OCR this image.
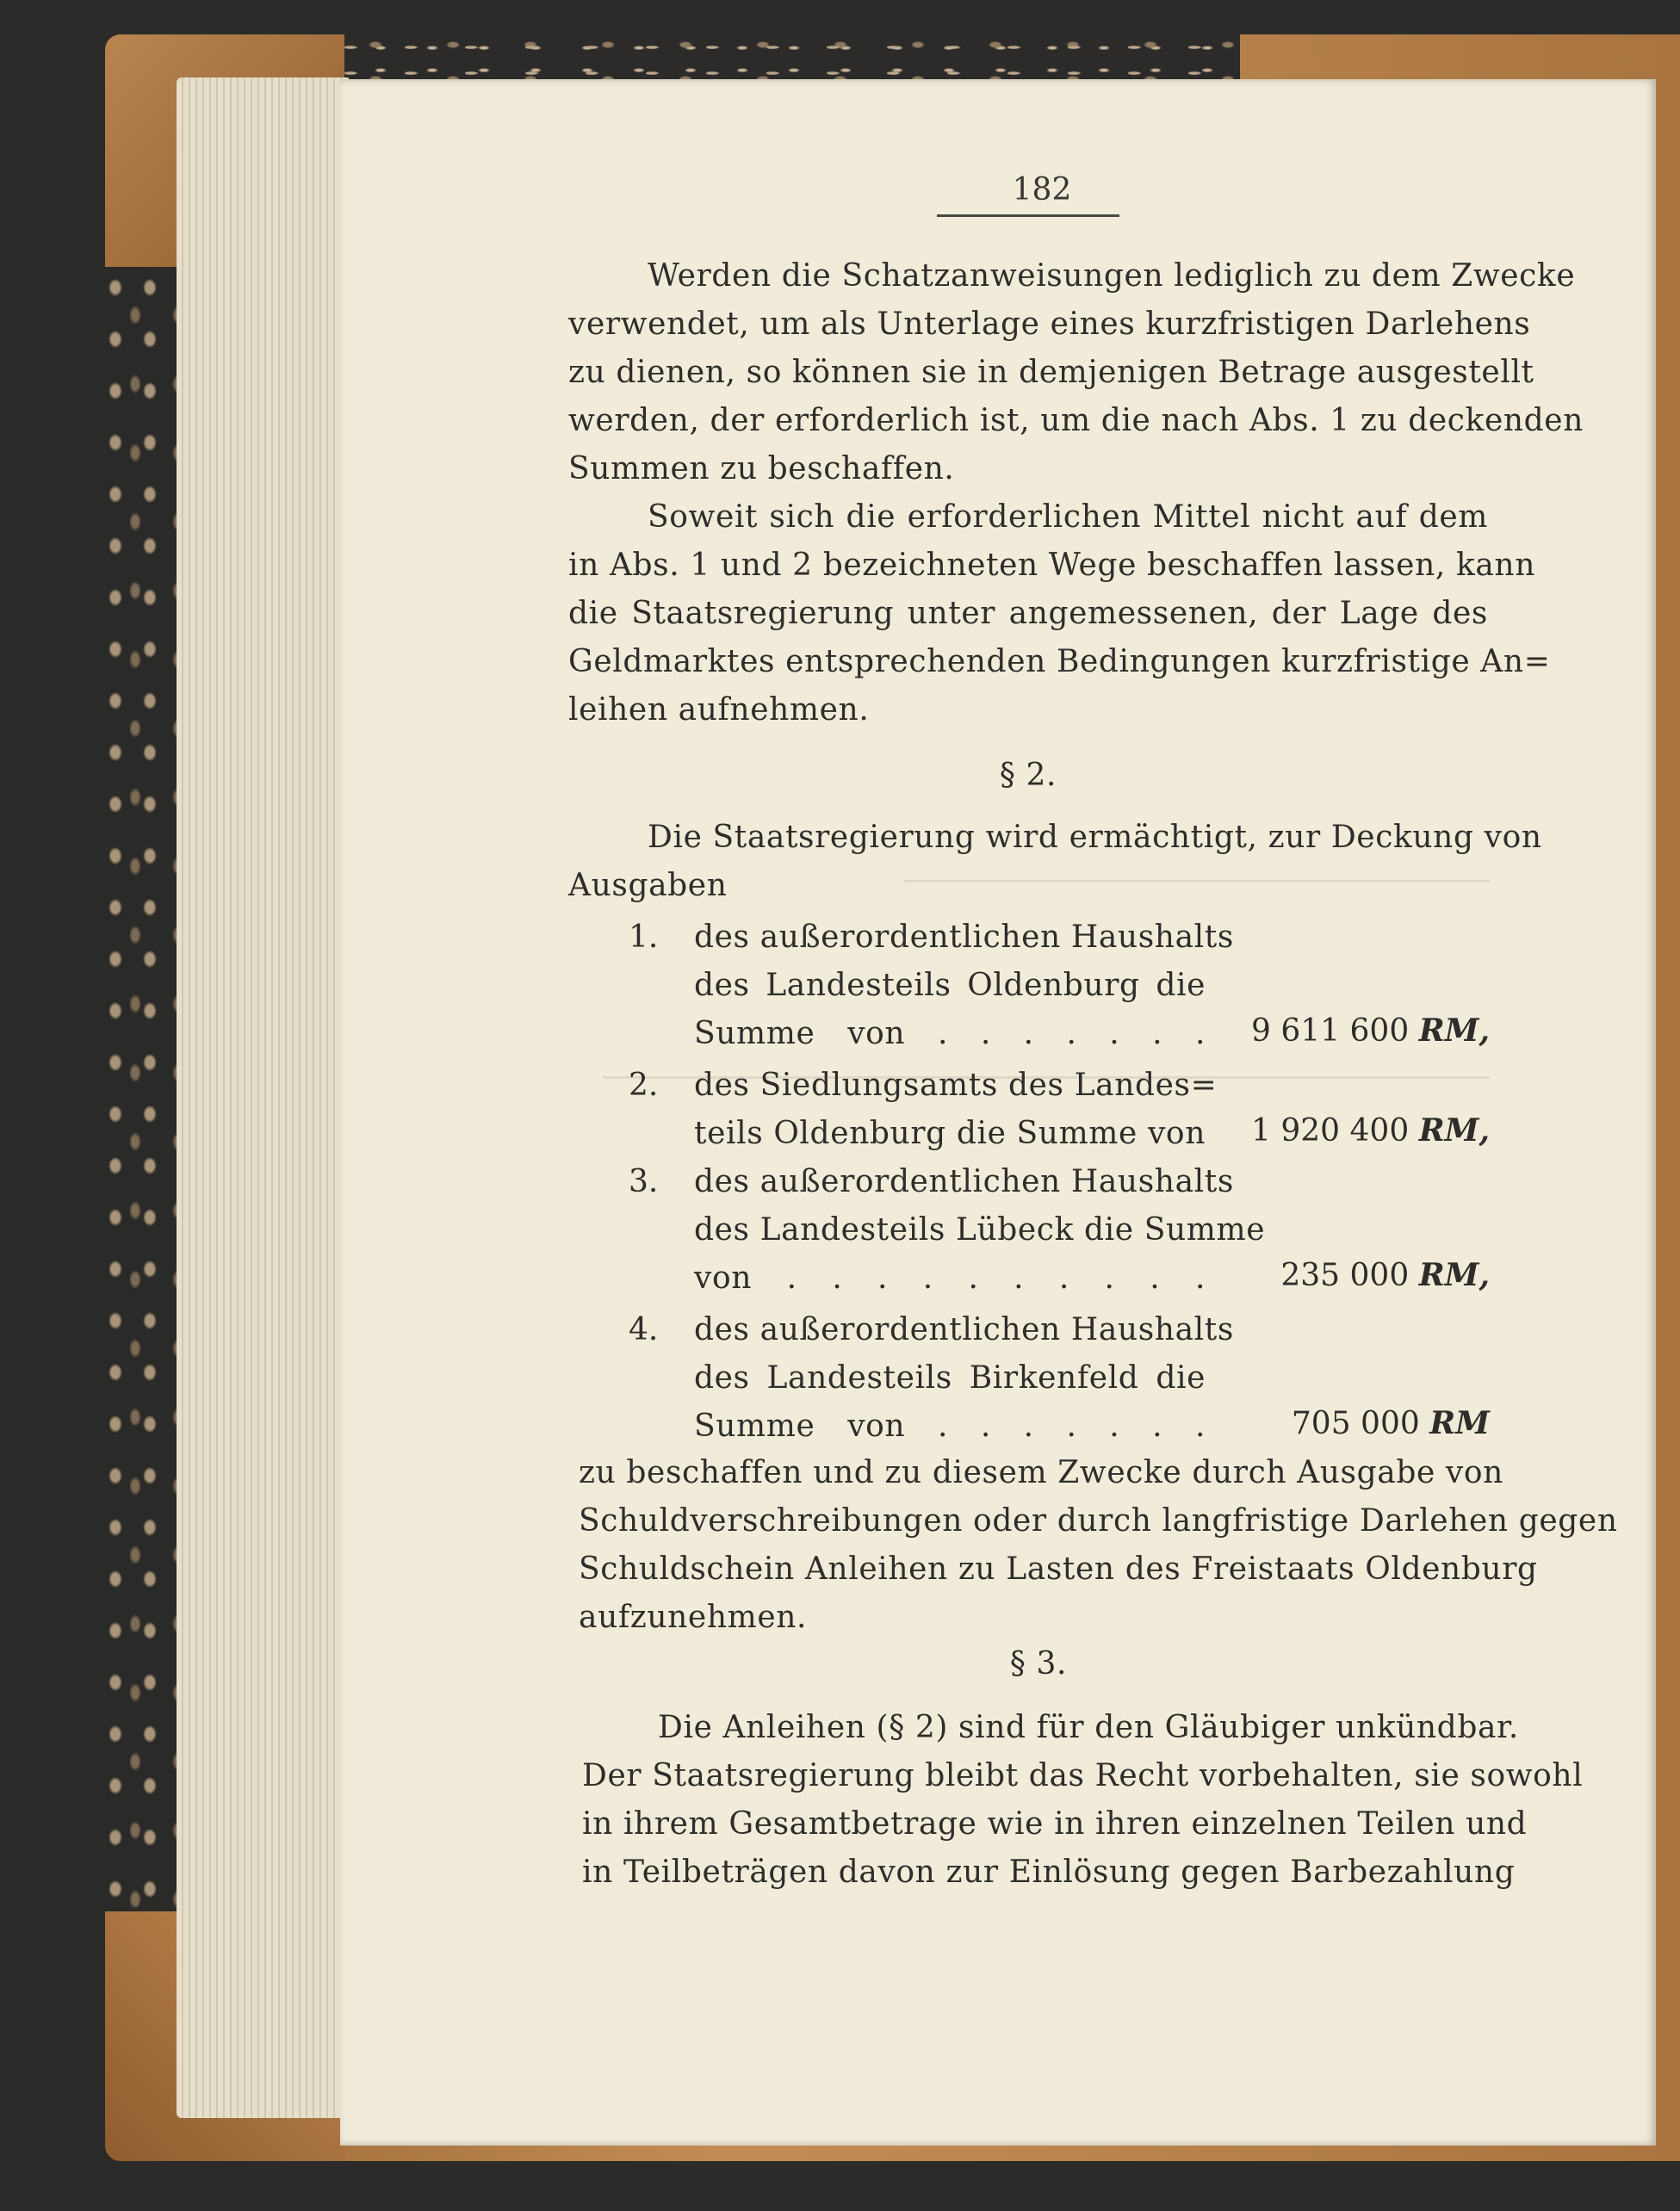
182
Werden die Schatzanweisungen lediglich zu dem Zwecke
verwendet, um als Unterlage eines kurzfristigen Darlehens
zu dienen, so können sie in demjenigen Betrage ausgestellt
werden, der erforderlich ist, um die nach Abs. 1 zu deckenden
Summen zu beschaffen.
Soweit sich die erforderlichen Mittel nicht auf dem
in Abs. 1 und 2 bezeichneten Wege beschaffen lassen, kann
die Staatsregierung unter angemessenen, der Lage des
Geldmarktes entsprechenden Bedingungen kurzfristige An=
leihen aufnehmen.
§ 2.
Die Staatsregierung wird ermächtigt, zur Deckung von
Ausgaben
1. des außerordentlichen Haushalts
des Landesteils Oldenburg die
Summe von . . . . . . .	9 611 600 RM,
2. des Siedlungsamts des Landes=
teils Oldenburg die Summe von	1 920 400 RM,
3. des außerordentlichen Haushalts
des Landesteils Lübeck die Summe
von . . . . . . . . . .	235 000 RM,
4. des außerordentlichen Haushalts
des Landesteils Birkenfeld die
Summe von . . . . . . .	705 000 RM
zu beschaffen und zu diesem Zwecke durch Ausgabe von
Schuldverschreibungen oder durch langfristige Darlehen gegen
Schuldschein Anleihen zu Lasten des Freistaats Oldenburg
aufzunehmen.
§ 3.
Die Anleihen (§ 2) sind für den Gläubiger unkündbar.
Der Staatsregierung bleibt das Recht vorbehalten, sie sowohl
in ihrem Gesamtbetrage wie in ihren einzelnen Teilen und
in Teilbeträgen davon zur Einlösung gegen Barbezahlung
